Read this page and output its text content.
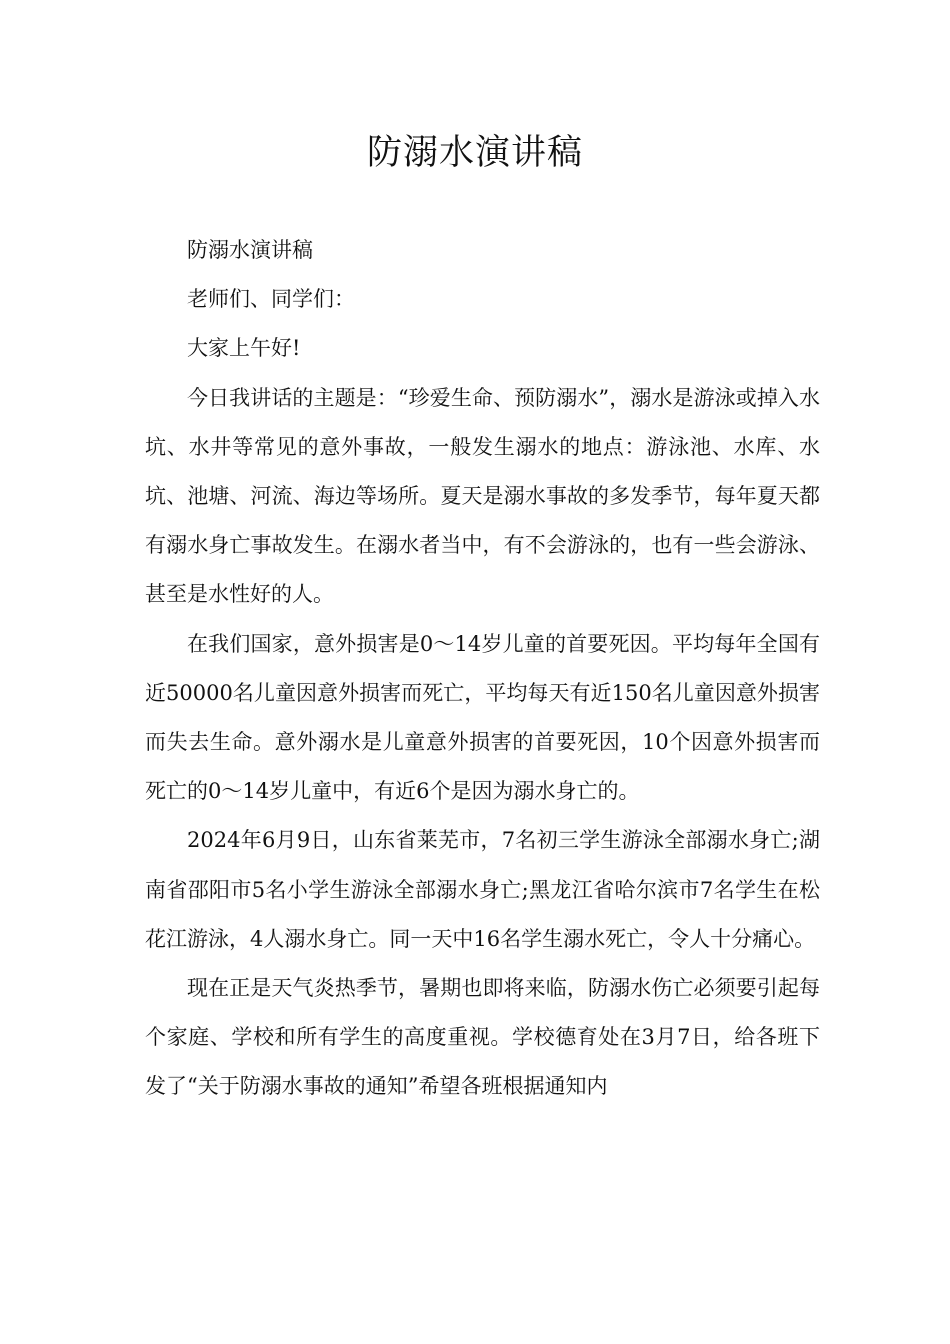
防溺水演讲稿

防溺水演讲稿

老师们、同学们：

大家上午好!

今日我讲话的主题是：“珍爱生命、预防溺水”，溺水是游泳或掉入水坑、水井等常见的意外事故，一般发生溺水的地点：游泳池、水库、水坑、池塘、河流、海边等场所。夏天是溺水事故的多发季节，每年夏天都有溺水身亡事故发生。在溺水者当中，有不会游泳的，也有一些会游泳、甚至是水性好的人。

在我们国家，意外损害是0～14岁儿童的首要死因。平均每年全国有近50000名儿童因意外损害而死亡，平均每天有近150名儿童因意外损害而失去生命。意外溺水是儿童意外损害的首要死因，10个因意外损害而死亡的0～14岁儿童中，有近6个是因为溺水身亡的。

2024年6月9日，山东省莱芜市，7名初三学生游泳全部溺水身亡;湖南省邵阳市5名小学生游泳全部溺水身亡;黑龙江省哈尔滨市7名学生在松花江游泳，4人溺水身亡。同一天中16名学生溺水死亡，令人十分痛心。

现在正是天气炎热季节，暑期也即将来临，防溺水伤亡必须要引起每个家庭、学校和所有学生的高度重视。学校德育处在3月7日，给各班下发了“关于防溺水事故的通知”希望各班根据通知内
